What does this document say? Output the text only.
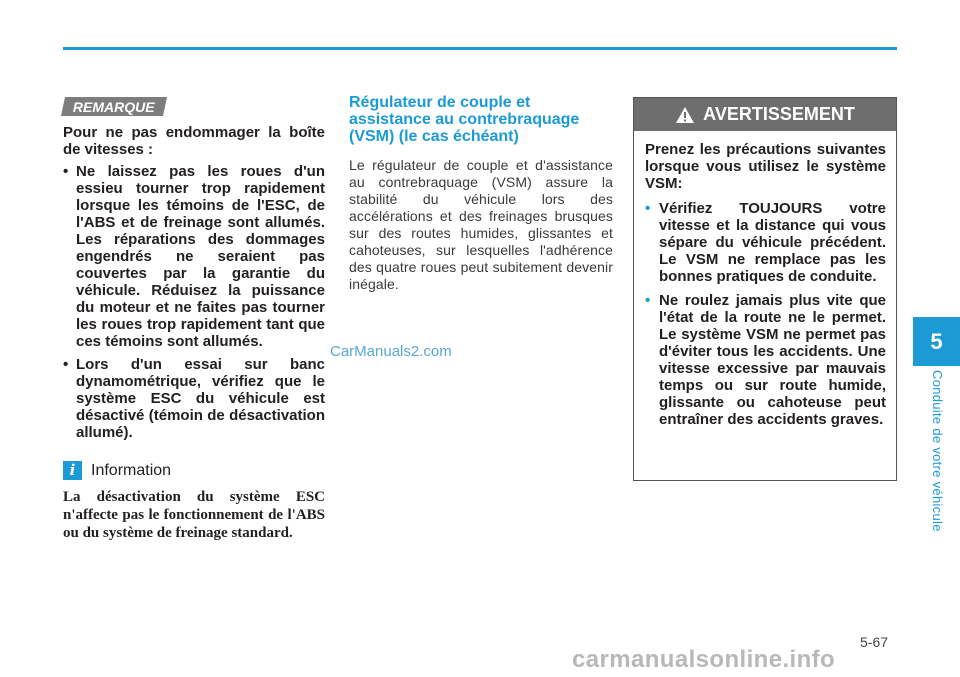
REMARQUE

Pour ne pas endommager la boîte de vitesses :

• Ne laissez pas les roues d'un essieu tourner trop rapidement lorsque les témoins de l'ESC, de l'ABS et de freinage sont allumés. Les réparations des dommages engendrés ne seraient pas couvertes par la garantie du véhicule. Réduisez la puissance du moteur et ne faites pas tourner les roues trop rapidement tant que ces témoins sont allumés.
• Lors d'un essai sur banc dynamométrique, vérifiez que le système ESC du véhicule est désactivé (témoin de désactivation allumé).
i Information
La désactivation du système ESC n'affecte pas le fonctionnement de l'ABS ou du système de freinage standard.
Régulateur de couple et assistance au contrebraquage (VSM) (le cas échéant)
Le régulateur de couple et d'assistance au contrebraquage (VSM) assure la stabilité du véhicule lors des accélérations et des freinages brusques sur des routes humides, glissantes et cahoteuses, sur lesquelles l'adhérence des quatre roues peut subitement devenir inégale.
AVERTISSEMENT

Prenez les précautions suivantes lorsque vous utilisez le système VSM:

• Vérifiez TOUJOURS votre vitesse et la distance qui vous sépare du véhicule précédent. Le VSM ne remplace pas les bonnes pratiques de conduite.
• Ne roulez jamais plus vite que l'état de la route ne le permet. Le système VSM ne permet pas d'éviter tous les accidents. Une vitesse excessive par mauvais temps ou sur route humide, glissante ou cahoteuse peut entraîner des accidents graves.
5
Conduite de votre véhicule
5-67
CarManuals2.com
carmanualsonline.info
